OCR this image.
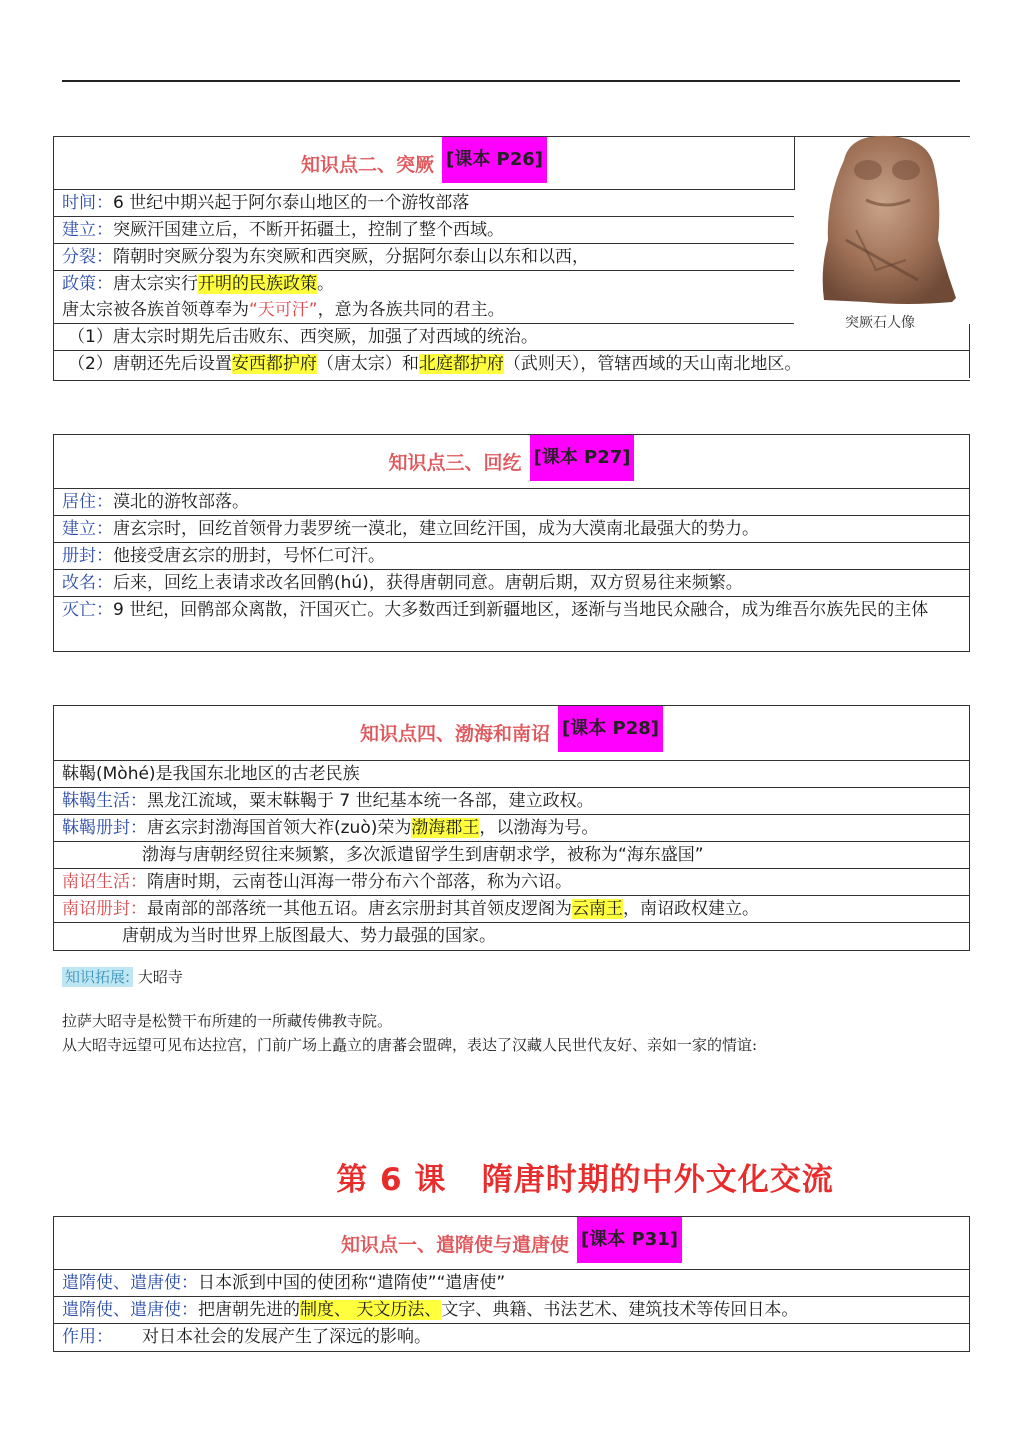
知识点二、突厥 [课本 P26]
时间：6 世纪中期兴起于阿尔泰山地区的一个游牧部落
建立：突厥汗国建立后，不断开拓疆土，控制了整个西域。
分裂：隋朝时突厥分裂为东突厥和西突厥，分据阿尔泰山以东和以西，
政策：唐太宗实行开明的民族政策。
唐太宗被各族首领尊奉为“天可汗”，意为各族共同的君主。
（1）唐太宗时期先后击败东、西突厥，加强了对西域的统治。
（2）唐朝还先后设置安西都护府（唐太宗）和北庭都护府（武则天），管辖西域的天山南北地区。
突厥石人像
知识点三、回纥 [课本 P27]
居住：漠北的游牧部落。
建立：唐玄宗时，回纥首领骨力裴罗统一漠北，建立回纥汗国，成为大漠南北最强大的势力。
册封：他接受唐玄宗的册封，号怀仁可汗。
改名：后来，回纥上表请求改名回鹘(hú)，获得唐朝同意。唐朝后期，双方贸易往来频繁。
灭亡：9 世纪，回鹘部众离散，汗国灭亡。大多数西迁到新疆地区，逐渐与当地民众融合，成为维吾尔族先民的主体
知识点四、渤海和南诏 [课本 P28]
靺鞨(Mòhé)是我国东北地区的古老民族
靺鞨生活：黑龙江流域，粟末靺鞨于 7 世纪基本统一各部，建立政权。
靺鞨册封：唐玄宗封渤海国首领大祚(zuò)荣为渤海郡王，以渤海为号。
渤海与唐朝经贸往来频繁，多次派遣留学生到唐朝求学，被称为“海东盛国”
南诏生活：隋唐时期，云南苍山洱海一带分布六个部落，称为六诏。
南诏册封：最南部的部落统一其他五诏。唐玄宗册封其首领皮逻阁为云南王，南诏政权建立。
唐朝成为当时世界上版图最大、势力最强的国家。
知识拓展: 大昭寺
拉萨大昭寺是松赞干布所建的一所藏传佛教寺院。
从大昭寺远望可见布达拉宫，门前广场上矗立的唐蕃会盟碑，表达了汉藏人民世代友好、亲如一家的情谊:
第 6 课   隋唐时期的中外文化交流
知识点一、遣隋使与遣唐使 [课本 P31]
遣隋使、遣唐使：日本派到中国的使团称“遣隋使”“遣唐使”
遣隋使、遣唐使：把唐朝先进的制度、 天文历法、文字、典籍、书法艺术、建筑技术等传回日本。
作用： 对日本社会的发展产生了深远的影响。
